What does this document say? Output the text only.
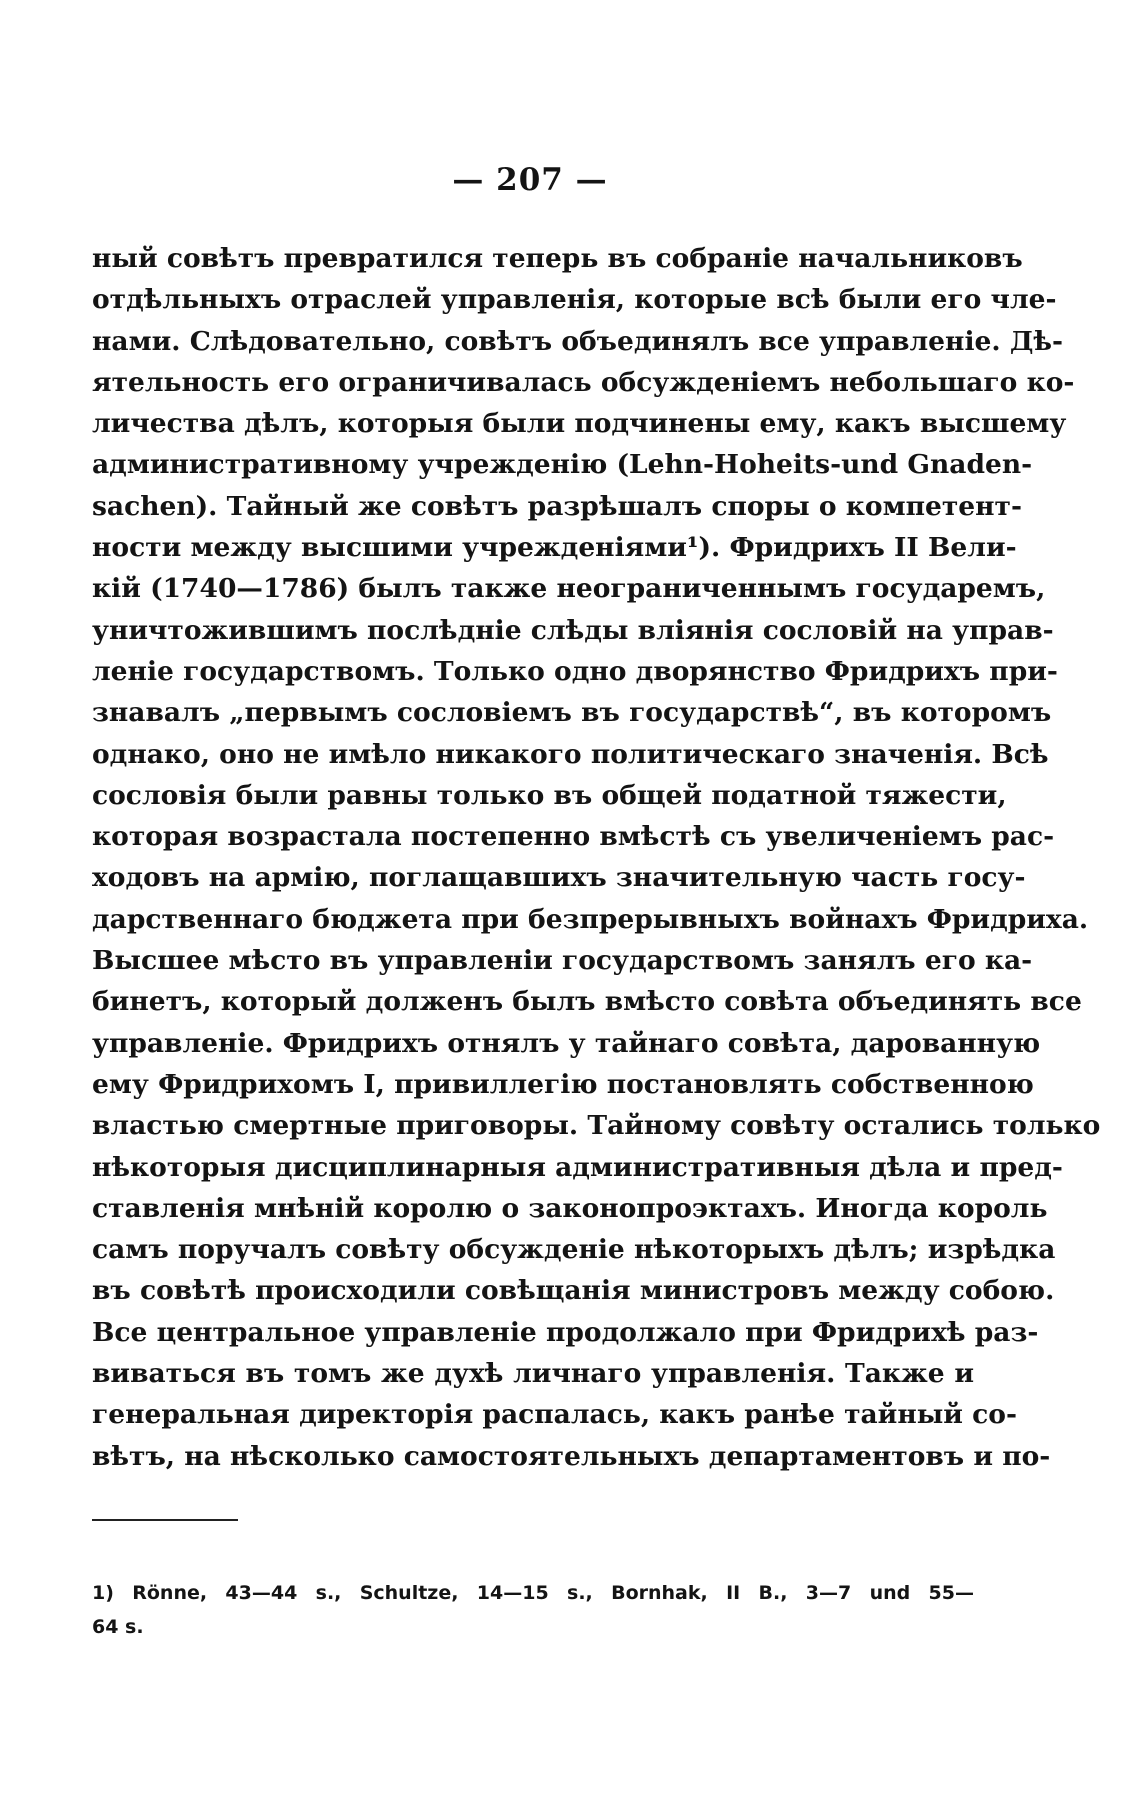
— 207 —
ный совѣтъ превратился теперь въ собраніе начальниковъ
отдѣльныхъ отраслей управленія, которые всѣ были его чле-
нами. Слѣдовательно, совѣтъ объединялъ все управленіе. Дѣ-
ятельность его ограничивалась обсужденіемъ небольшаго ко-
личества дѣлъ, которыя были подчинены ему, какъ высшему
административному учрежденію (Lehn-Hoheits-und Gnaden-
sachen). Тайный же совѣтъ разрѣшалъ споры о компетент-
ности между высшими учрежденіями¹). Фридрихъ II Вели-
кій (1740—1786) былъ также неограниченнымъ государемъ,
уничтожившимъ послѣдніе слѣды вліянія сословій на управ-
леніе государствомъ. Только одно дворянство Фридрихъ при-
знавалъ „первымъ сословіемъ въ государствѣ“, въ которомъ
однако, оно не имѣло никакого политическаго значенія. Всѣ
сословія были равны только въ общей податной тяжести,
которая возрастала постепенно вмѣстѣ съ увеличеніемъ рас-
ходовъ на армію, поглащавшихъ значительную часть госу-
дарственнаго бюджета при безпрерывныхъ войнахъ Фридриха.
Высшее мѣсто въ управленіи государствомъ занялъ его ка-
бинетъ, который долженъ былъ вмѣсто совѣта объединять все
управленіе. Фридрихъ отнялъ у тайнаго совѣта, дарованную
ему Фридрихомъ I, привиллегію постановлять собственною
властью смертные приговоры. Тайному совѣту остались только
нѣкоторыя дисциплинарныя административныя дѣла и пред-
ставленія мнѣній королю о законопроэктахъ. Иногда король
самъ поручалъ совѣту обсужденіе нѣкоторыхъ дѣлъ; изрѣдка
въ совѣтѣ происходили совѣщанія министровъ между собою.
Все центральное управленіе продолжало при Фридрихѣ раз-
виваться въ томъ же духѣ личнаго управленія. Также и
генеральная директорія распалась, какъ ранѣе тайный со-
вѣтъ, на нѣсколько самостоятельныхъ департаментовъ и по-
1) Rönne, 43—44 s., Schultze, 14—15 s., Bornhak, II B., 3—7 und 55—
64 s.
